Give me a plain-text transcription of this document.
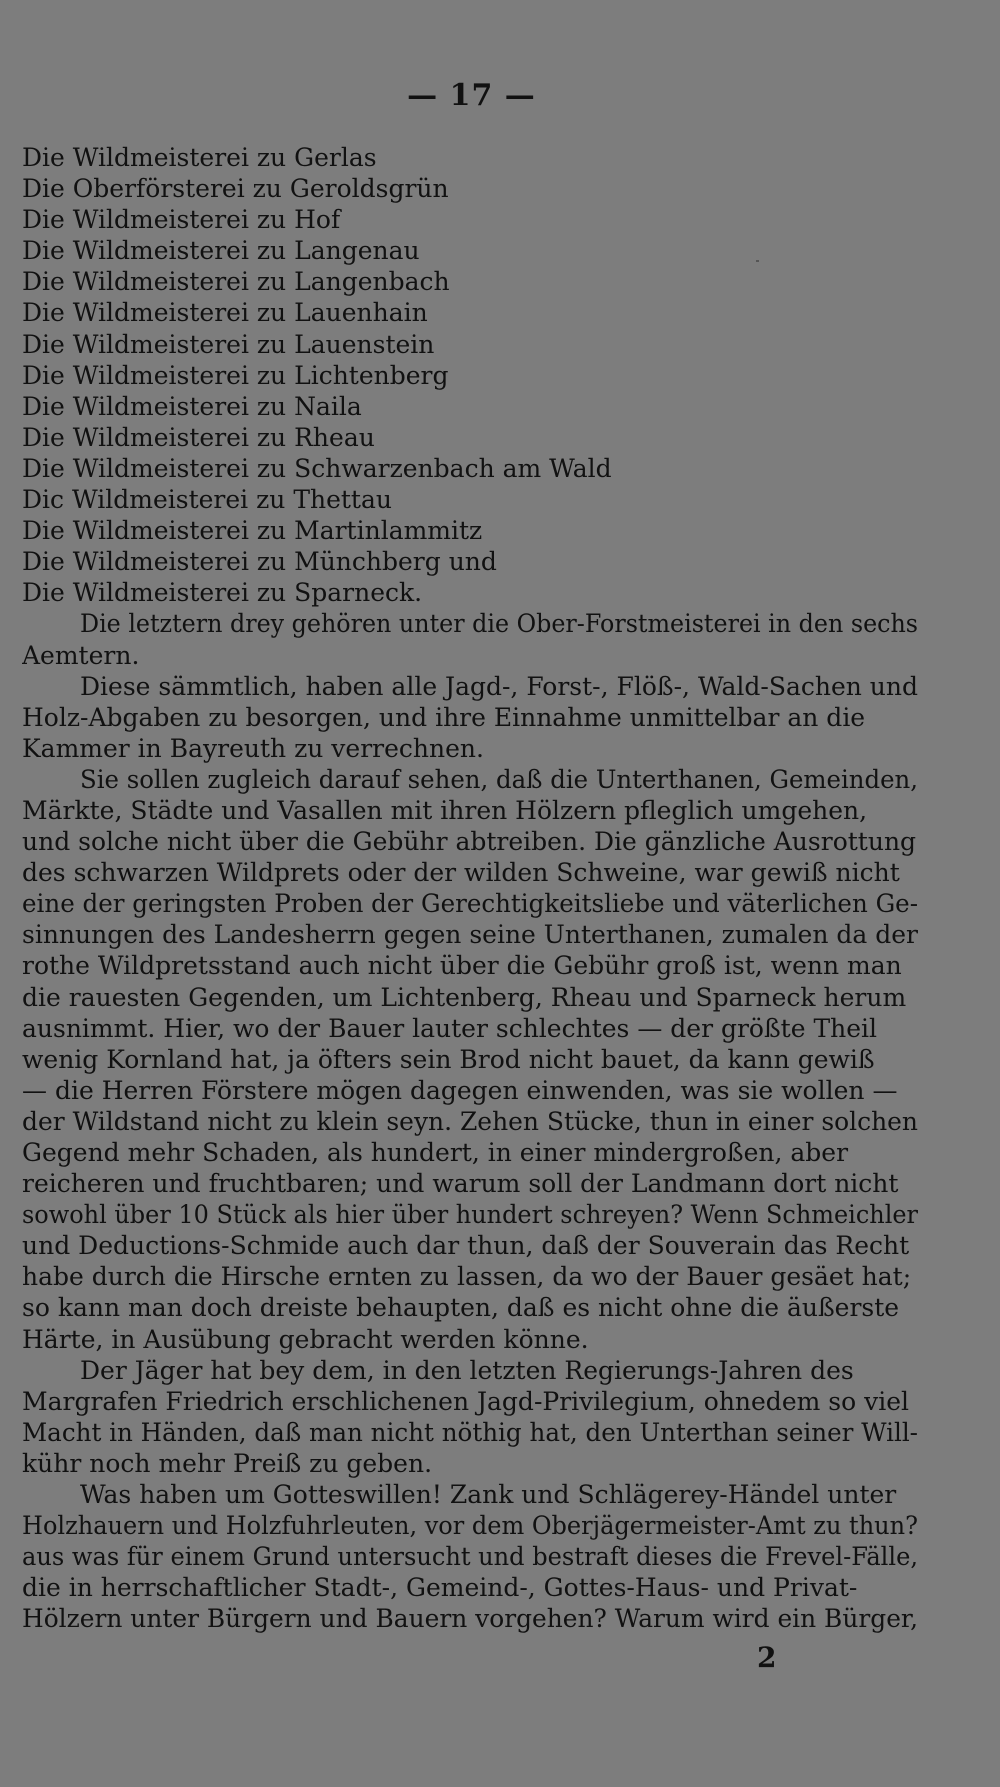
— 17 —
Die Wildmeisterei zu Gerlas
Die Oberförsterei zu Geroldsgrün
Die Wildmeisterei zu Hof
Die Wildmeisterei zu Langenau
Die Wildmeisterei zu Langenbach
Die Wildmeisterei zu Lauenhain
Die Wildmeisterei zu Lauenstein
Die Wildmeisterei zu Lichtenberg
Die Wildmeisterei zu Naila
Die Wildmeisterei zu Rheau
Die Wildmeisterei zu Schwarzenbach am Wald
Dic Wildmeisterei zu Thettau
Die Wildmeisterei zu Martinlammitz
Die Wildmeisterei zu Münchberg und
Die Wildmeisterei zu Sparneck.
Die letztern drey gehören unter die Ober-Forstmeisterei in den sechs
Aemtern.
Diese sämmtlich, haben alle Jagd-, Forst-, Flöß-, Wald-Sachen und
Holz-Abgaben zu besorgen, und ihre Einnahme unmittelbar an die
Kammer in Bayreuth zu verrechnen.
Sie sollen zugleich darauf sehen, daß die Unterthanen, Gemeinden,
Märkte, Städte und Vasallen mit ihren Hölzern pfleglich umgehen,
und solche nicht über die Gebühr abtreiben. Die gänzliche Ausrottung
des schwarzen Wildprets oder der wilden Schweine, war gewiß nicht
eine der geringsten Proben der Gerechtigkeitsliebe und väterlichen Ge-
sinnungen des Landesherrn gegen seine Unterthanen, zumalen da der
rothe Wildpretsstand auch nicht über die Gebühr groß ist, wenn man
die rauesten Gegenden, um Lichtenberg, Rheau und Sparneck herum
ausnimmt. Hier, wo der Bauer lauter schlechtes — der größte Theil
wenig Kornland hat, ja öfters sein Brod nicht bauet, da kann gewiß
— die Herren Förstere mögen dagegen einwenden, was sie wollen —
der Wildstand nicht zu klein seyn. Zehen Stücke, thun in einer solchen
Gegend mehr Schaden, als hundert, in einer mindergroßen, aber
reicheren und fruchtbaren; und warum soll der Landmann dort nicht
sowohl über 10 Stück als hier über hundert schreyen? Wenn Schmeichler
und Deductions-Schmide auch dar thun, daß der Souverain das Recht
habe durch die Hirsche ernten zu lassen, da wo der Bauer gesäet hat;
so kann man doch dreiste behaupten, daß es nicht ohne die äußerste
Härte, in Ausübung gebracht werden könne.
Der Jäger hat bey dem, in den letzten Regierungs-Jahren des
Margrafen Friedrich erschlichenen Jagd-Privilegium, ohnedem so viel
Macht in Händen, daß man nicht nöthig hat, den Unterthan seiner Will-
kühr noch mehr Preiß zu geben.
Was haben um Gotteswillen! Zank und Schlägerey-Händel unter
Holzhauern und Holzfuhrleuten, vor dem Oberjägermeister-Amt zu thun?
aus was für einem Grund untersucht und bestraft dieses die Frevel-Fälle,
die in herrschaftlicher Stadt-, Gemeind-, Gottes-Haus- und Privat-
Hölzern unter Bürgern und Bauern vorgehen? Warum wird ein Bürger,
2
